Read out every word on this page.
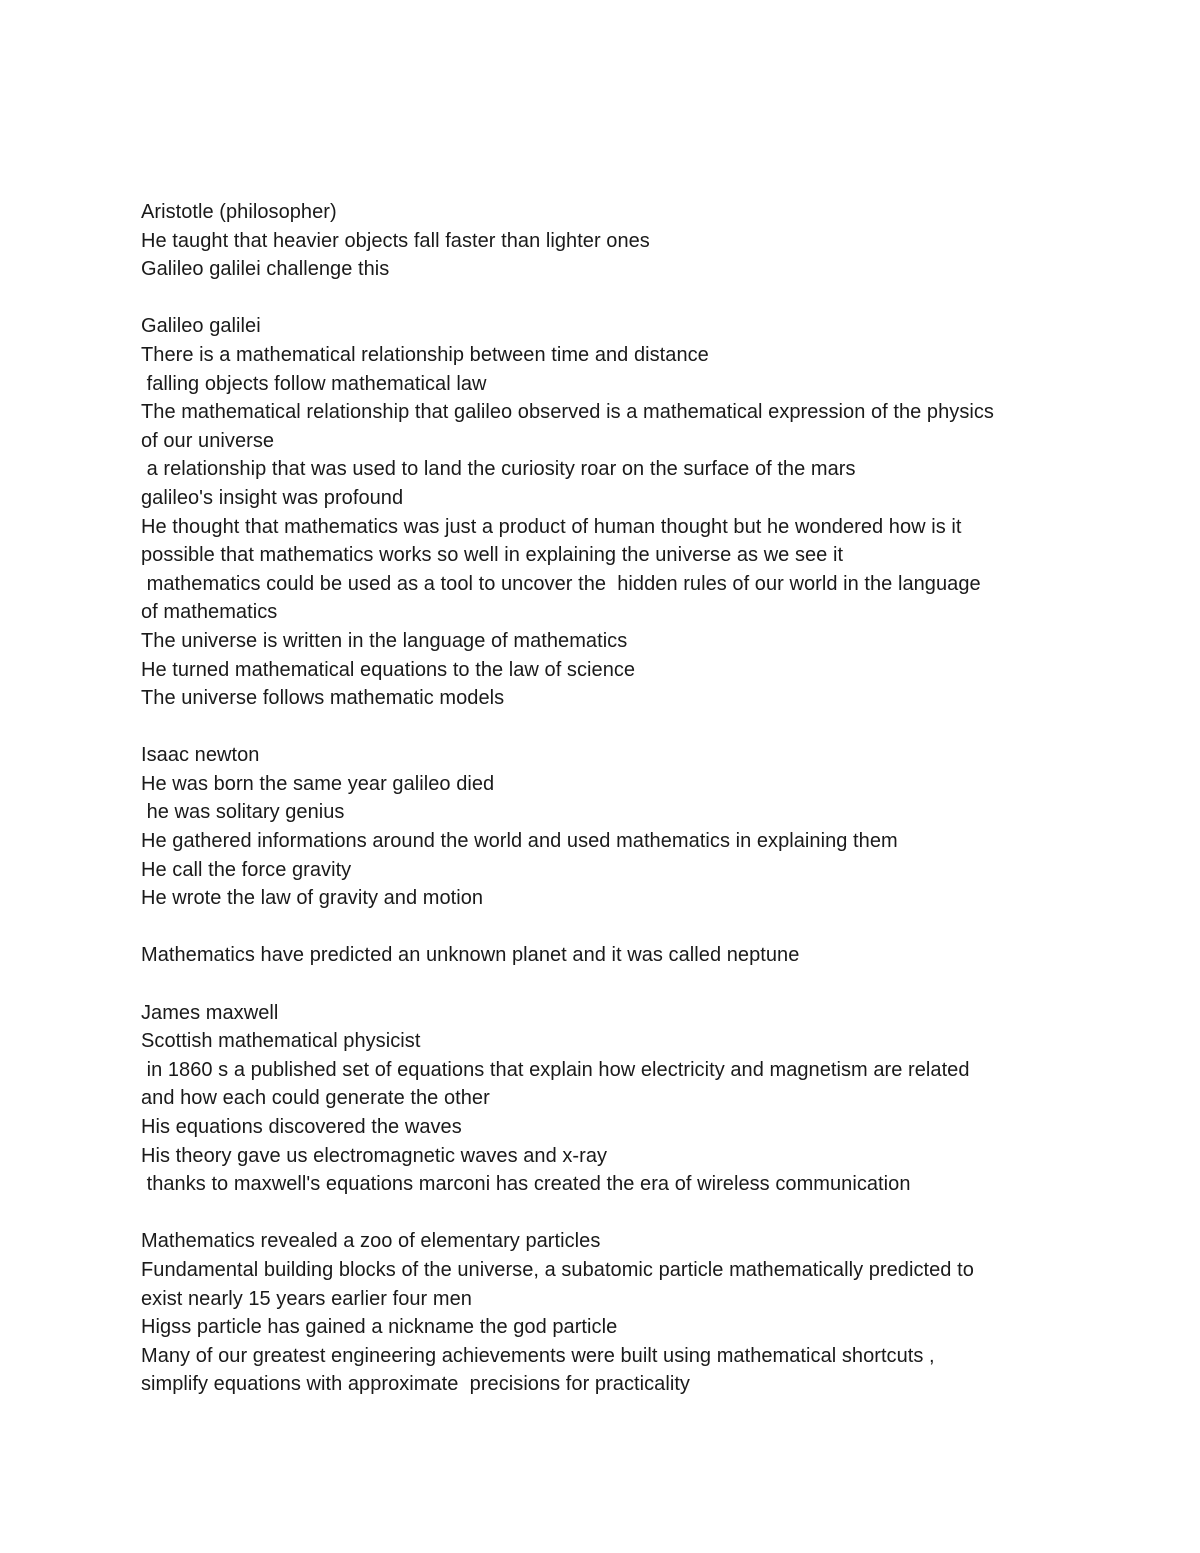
Aristotle (philosopher)
He taught that heavier objects fall faster than lighter ones
Galileo galilei challenge this
Galileo galilei
There is a mathematical relationship between time and distance
falling objects follow mathematical law
The mathematical relationship that galileo observed is a mathematical expression of the physics
of our universe
a relationship that was used to land the curiosity roar on the surface of the mars
galileo's insight was profound
He thought that mathematics was just a product of human thought but he wondered how is it
possible that mathematics works so well in explaining the universe as we see it
mathematics could be used as a tool to uncover the  hidden rules of our world in the language
of mathematics
The universe is written in the language of mathematics
He turned mathematical equations to the law of science
The universe follows mathematic models
Isaac newton
He was born the same year galileo died
he was solitary genius
He gathered informations around the world and used mathematics in explaining them
He call the force gravity
He wrote the law of gravity and motion
Mathematics have predicted an unknown planet and it was called neptune
James maxwell
Scottish mathematical physicist
in 1860 s a published set of equations that explain how electricity and magnetism are related
and how each could generate the other
His equations discovered the waves
His theory gave us electromagnetic waves and x-ray
thanks to maxwell's equations marconi has created the era of wireless communication
Mathematics revealed a zoo of elementary particles
Fundamental building blocks of the universe, a subatomic particle mathematically predicted to
exist nearly 15 years earlier four men
Higss particle has gained a nickname the god particle
Many of our greatest engineering achievements were built using mathematical shortcuts ,
simplify equations with approximate  precisions for practicality
